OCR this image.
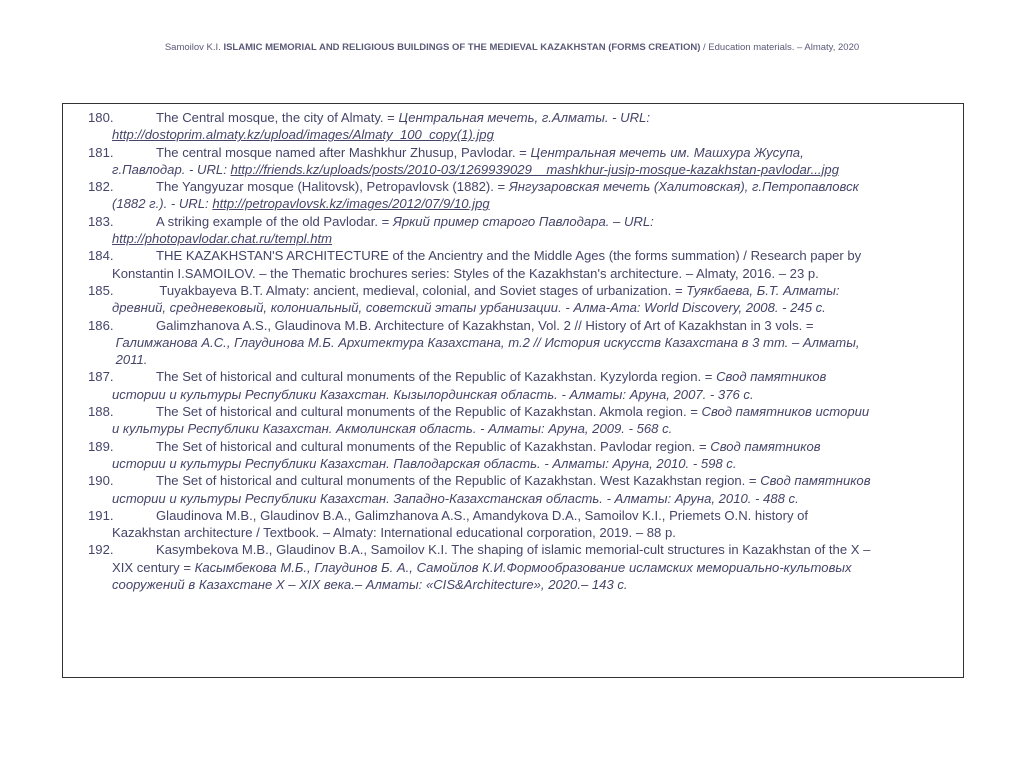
Samoilov K.I. ISLAMIC MEMORIAL AND RELIGIOUS BUILDINGS OF THE MEDIEVAL KAZAKHSTAN (FORMS CREATION) / Education materials. – Almaty, 2020
180.	The Central mosque, the city of Almaty. = Центральная мечеть, г.Алматы. - URL:
http://dostoprim.almaty.kz/upload/images/Almaty_100_copy(1).jpg
181.	The central mosque named after Mashkhur Zhusup, Pavlodar. = Центральная мечеть им. Машхура Жусупа,
г.Павлодар. - URL: http://friends.kz/uploads/posts/2010-03/1269939029__mashkhur-jusip-mosque-kazakhstan-pavlodar...jpg
182.	The Yangyuzar mosque (Halitovsk), Petropavlovsk (1882). = Янгузаровская мечеть (Халитовская), г.Петропавловск
(1882 г.). - URL: http://petropavlovsk.kz/images/2012/07/9/10.jpg
183.	A striking example of the old Pavlodar. = Яркий пример старого Павлодара. – URL:
http://photopavlodar.chat.ru/templ.htm
184.	THE KAZAKHSTAN'S ARCHITECTURE of the Ancientry and the Middle Ages (the forms summation) / Research paper by
Konstantin I.SAMOILOV. – the Thematic brochures series: Styles of the Kazakhstan's architecture. – Almaty, 2016. – 23 p.
185.	Tuyakbayeva B.T. Almaty: ancient, medieval, colonial, and Soviet stages of urbanization. = Туякбаева, Б.Т. Алматы:
древний, средневековый, колониальный, советский этапы урбанизации. - Алма-Ата: World Discovery, 2008. - 245 с.
186.	Galimzhanova A.S., Glaudinova M.B. Architecture of Kazakhstan, Vol. 2 // History of Art of Kazakhstan in 3 vols. =
Галимжанова А.С., Глаудинова М.Б. Архитектура Казахстана, т.2 // История искусств Казахстана в 3 тт. – Алматы,
2011.
187.	The Set of historical and cultural monuments of the Republic of Kazakhstan. Kyzylorda region. = Свод памятников
истории и культуры Республики Казахстан. Кызылординская область. - Алматы: Аруна, 2007. - 376 с.
188.	The Set of historical and cultural monuments of the Republic of Kazakhstan. Akmola region. = Свод памятников истории
и культуры Республики Казахстан. Акмолинская область. - Алматы: Аруна, 2009. - 568 с.
189.	The Set of historical and cultural monuments of the Republic of Kazakhstan. Pavlodar region. = Свод памятников
истории и культуры Республики Казахстан. Павлодарская область. - Алматы: Аруна, 2010. - 598 с.
190.	The Set of historical and cultural monuments of the Republic of Kazakhstan. West Kazakhstan region. = Свод памятников
истории и культуры Республики Казахстан. Западно-Казахстанская область. - Алматы: Аруна, 2010. - 488 с.
191.	Glaudinova M.B., Glaudinov B.A., Galimzhanova A.S., Amandykova D.A., Samoilov K.I., Priemets O.N. history of
Kazakhstan architecture / Textbook. – Almaty: International educational corporation, 2019. – 88 p.
192.	Kasymbekova M.B., Glaudinov B.A., Samoilov K.I. The shaping of islamic memorial-cult structures in Kazakhstan of the X –
XIX century = Касымбекова М.Б., Глаудинов Б. А., Самойлов К.И.Формообразование исламских мемориально-культовых
сооружений в Казахстане X – XIX века.– Алматы: «CIS&Architecture», 2020.– 143 с.
